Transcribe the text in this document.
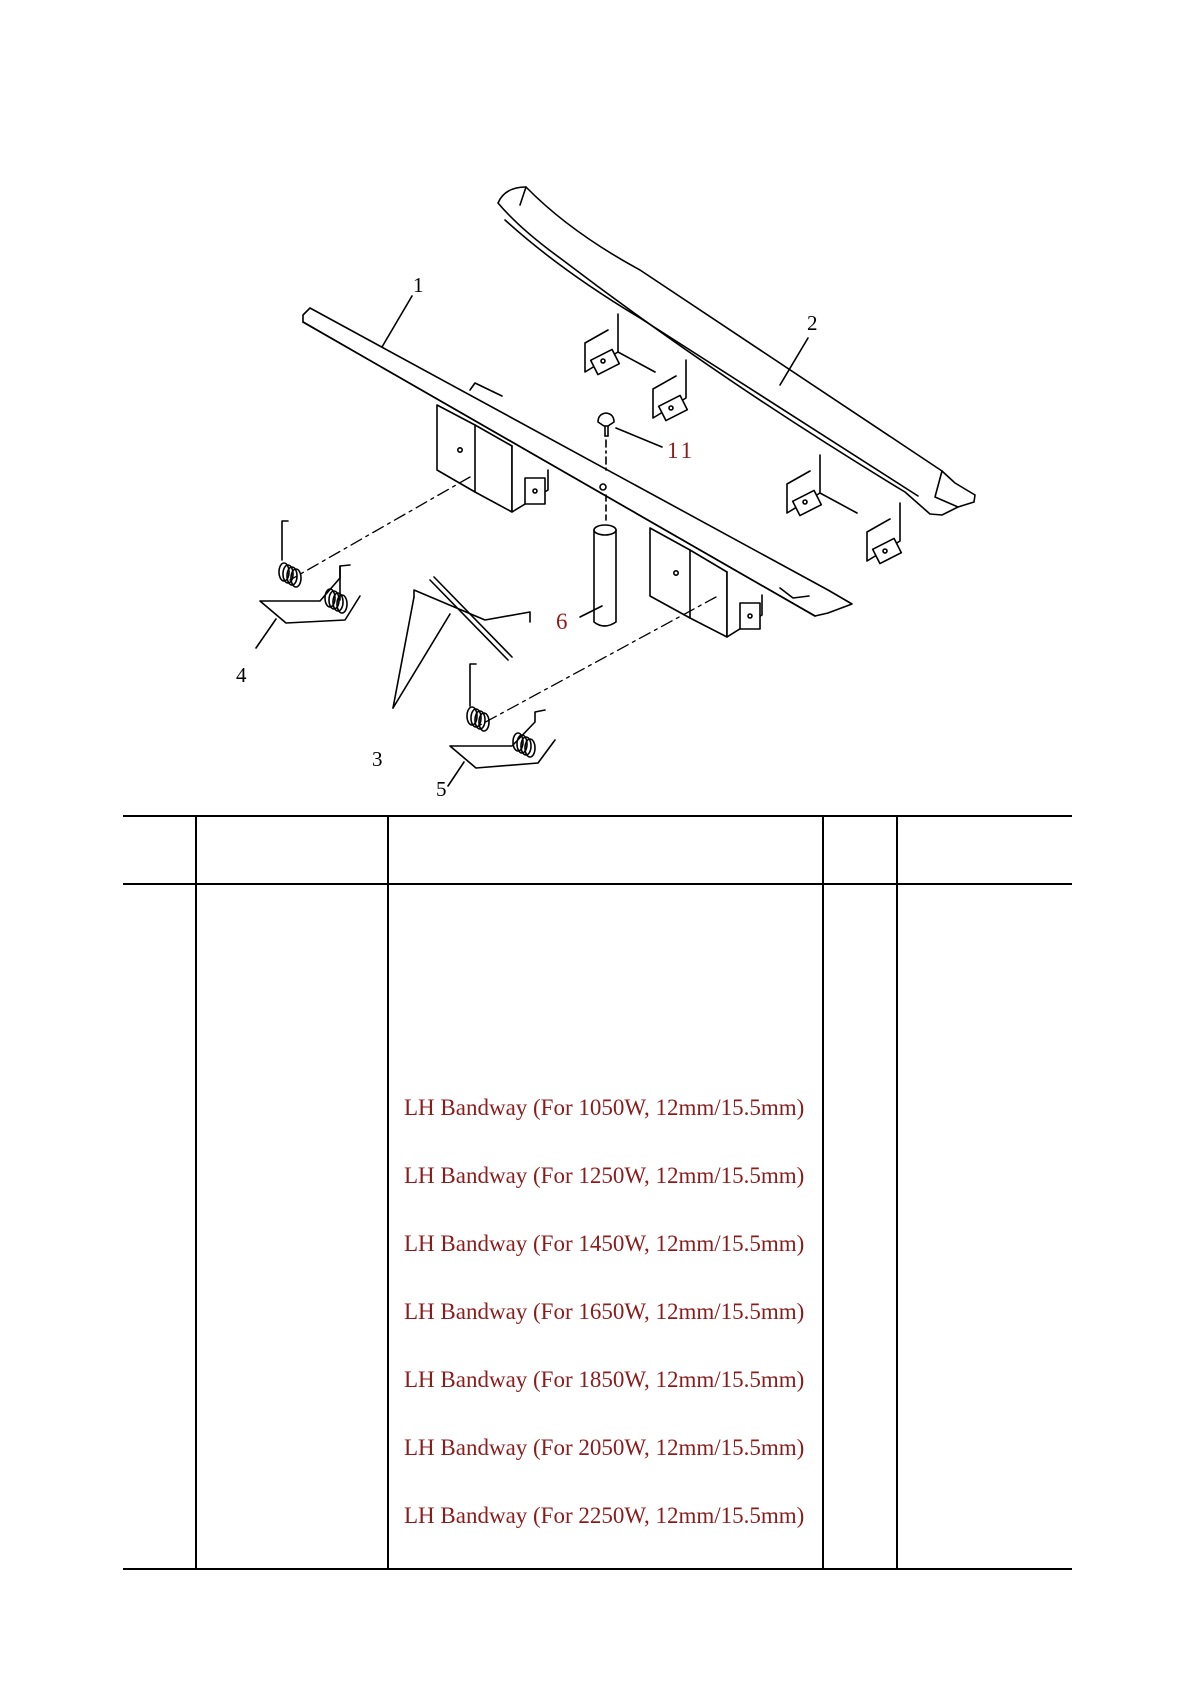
1
2
3
4
5
6
11
LH Bandway (For 1050W, 12mm/15.5mm)
LH Bandway (For 1250W, 12mm/15.5mm)
LH Bandway (For 1450W, 12mm/15.5mm)
LH Bandway (For 1650W, 12mm/15.5mm)
LH Bandway (For 1850W, 12mm/15.5mm)
LH Bandway (For 2050W, 12mm/15.5mm)
LH Bandway (For 2250W, 12mm/15.5mm)
